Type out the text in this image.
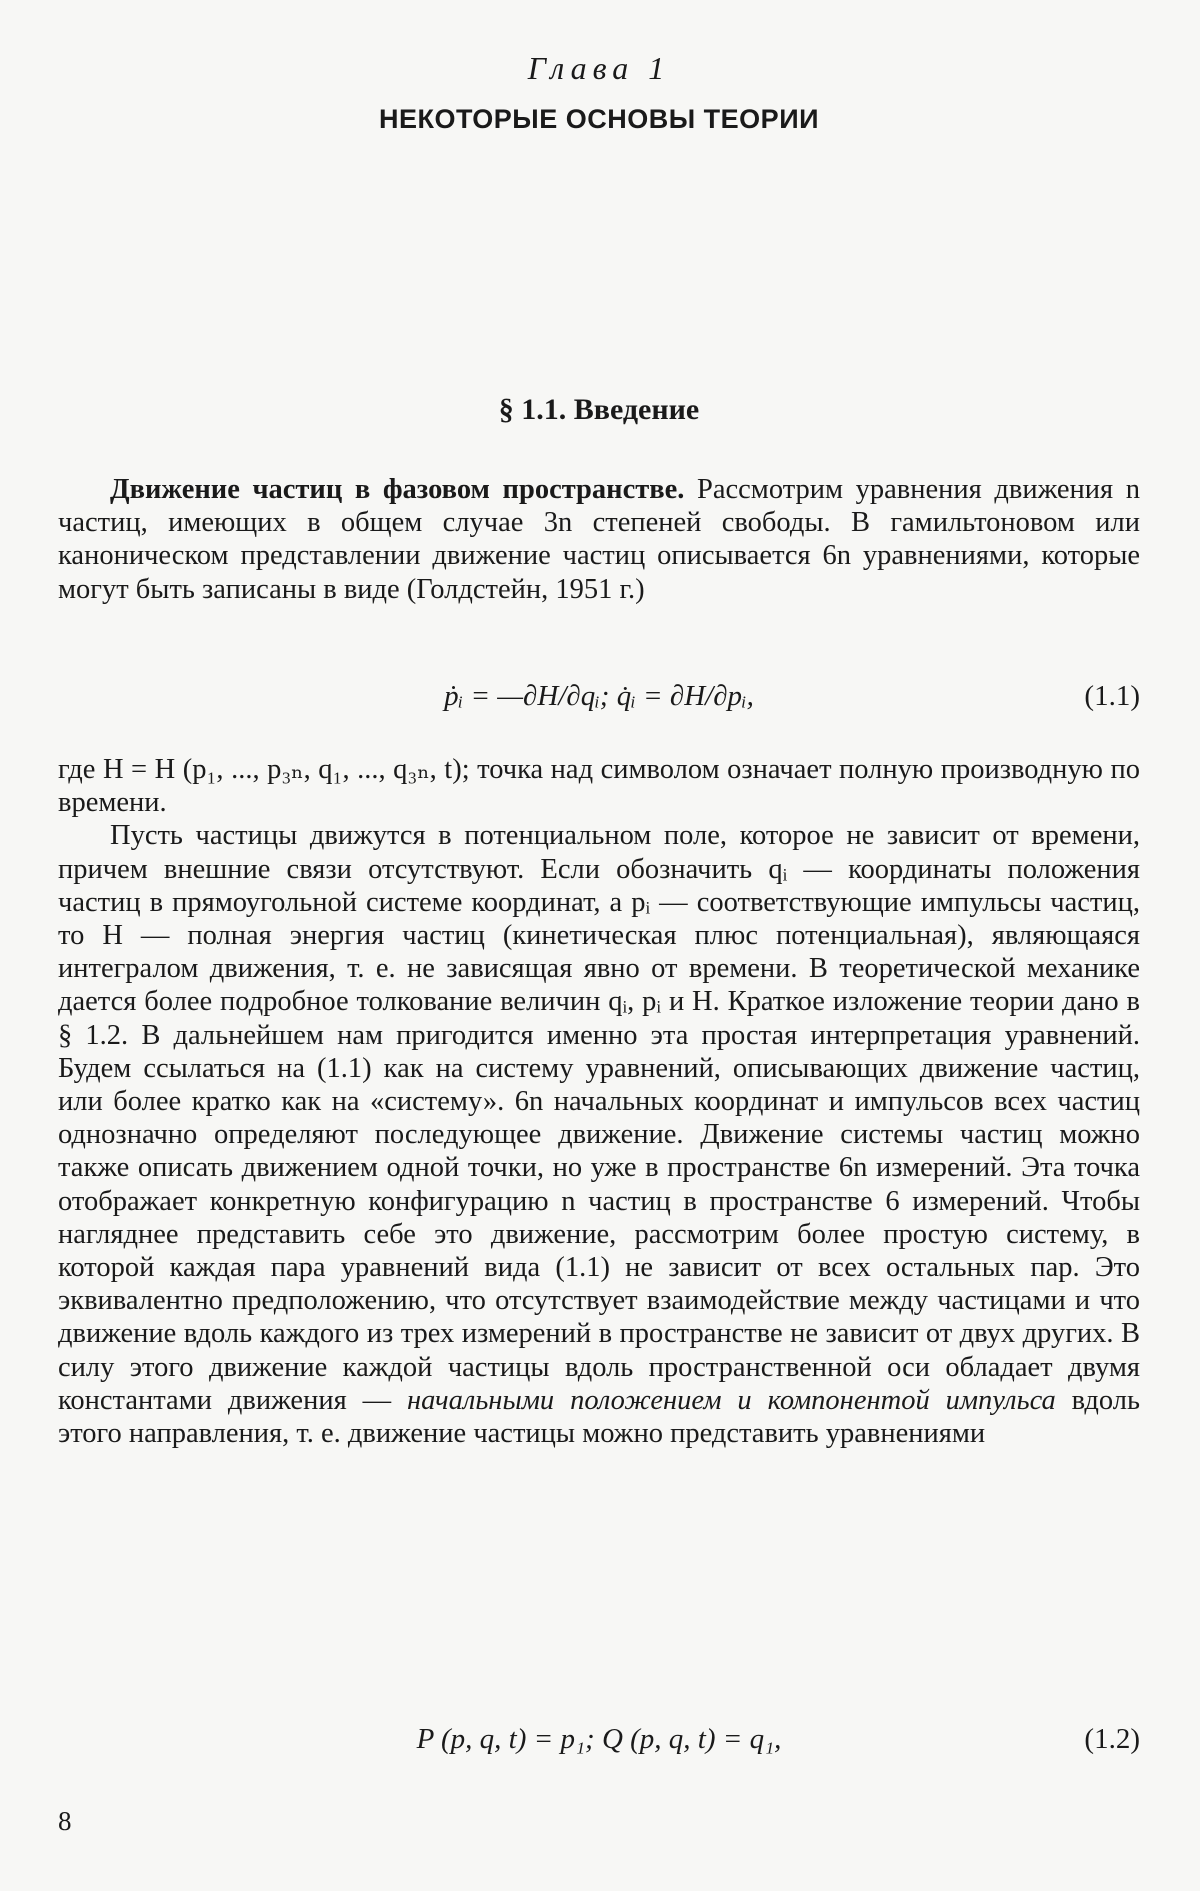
Глава 1
НЕКОТОРЫЕ ОСНОВЫ ТЕОРИИ
§ 1.1. Введение

Движение частиц в фазовом пространстве. Рассмотрим уравнения движения n частиц, имеющих в общем случае 3n степеней свободы. В гамильтоновом или каноническом представлении движение частиц описывается 6n уравнениями, которые могут быть записаны в виде (Голдстейн, 1951 г.)

ṗᵢ = —∂H/∂qᵢ; q̇ᵢ = ∂H/∂pᵢ,	(1.1)

где H = H (p₁, ..., p₃ₙ, q₁, ..., q₃ₙ, t); точка над символом означает полную производную по времени.

Пусть частицы движутся в потенциальном поле, которое не зависит от времени, причем внешние связи отсутствуют. Если обозначить qᵢ — координаты положения частиц в прямоугольной системе координат, а pᵢ — соответствующие импульсы частиц, то H — полная энергия частиц (кинетическая плюс потенциальная), являющаяся интегралом движения, т. е. не зависящая явно от времени. В теоретической механике дается более подробное толкование величин qᵢ, pᵢ и H. Краткое изложение теории дано в § 1.2. В дальнейшем нам пригодится именно эта простая интерпретация уравнений. Будем ссылаться на (1.1) как на систему уравнений, описывающих движение частиц, или более кратко как на «систему». 6n начальных координат и импульсов всех частиц однозначно определяют последующее движение. Движение системы частиц можно также описать движением одной точки, но уже в пространстве 6n измерений. Эта точка отображает конкретную конфигурацию n частиц в пространстве 6 измерений. Чтобы нагляднее представить себе это движение, рассмотрим более простую систему, в которой каждая пара уравнений вида (1.1) не зависит от всех остальных пар. Это эквивалентно предположению, что отсутствует взаимодействие между частицами и что движение вдоль каждого из трех измерений в пространстве не зависит от двух других. В силу этого движение каждой частицы вдоль пространственной оси обладает двумя константами движения — начальными положением и компонентой импульса вдоль этого направления, т. е. движение частицы можно представить уравнениями

P (p, q, t) = p₁; Q (p, q, t) = q₁,	(1.2)
8
